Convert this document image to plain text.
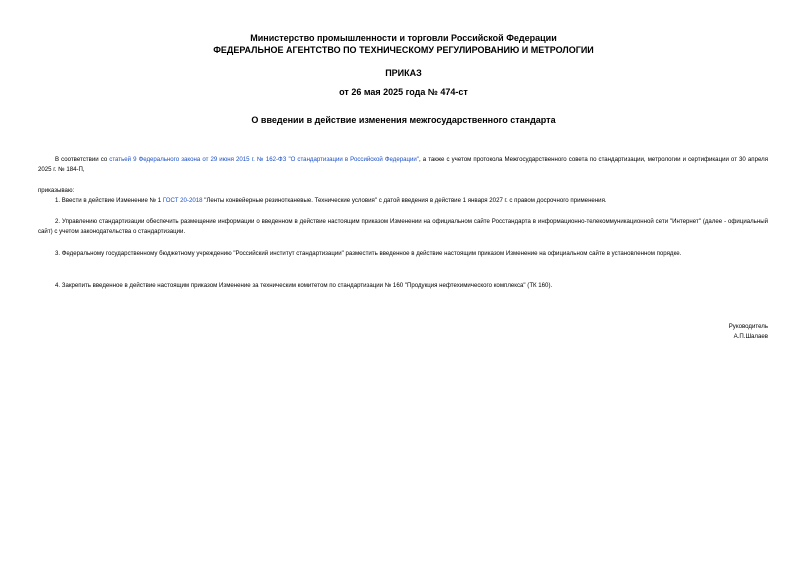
Министерство промышленности и торговли Российской Федерации
ФЕДЕРАЛЬНОЕ АГЕНТСТВО ПО ТЕХНИЧЕСКОМУ РЕГУЛИРОВАНИЮ И МЕТРОЛОГИИ
ПРИКАЗ
от 26 мая 2025 года № 474-ст
О введении в действие изменения межгосударственного стандарта
В соответствии со статьей 9 Федерального закона от 29 июня 2015 г. № 162-ФЗ "О стандартизации в Российской Федерации", а также с учетом протокола Межгосударственного совета по стандартизации, метрологии и сертификации от 30 апреля 2025 г. № 184-П,
приказываю:
1. Ввести в действие Изменение № 1 ГОСТ 20-2018 "Ленты конвейерные резинотканевые. Технические условия" с датой введения в действие 1 января 2027 г. с правом досрочного применения.
2. Управлению стандартизации обеспечить размещение информации о введенном в действие настоящим приказом Изменении на официальном сайте Росстандарта в информационно-телекоммуникационной сети "Интернет" (далее - официальный сайт) с учетом законодательства о стандартизации.
3. Федеральному государственному бюджетному учреждению "Российский институт стандартизации" разместить введенное в действие настоящим приказом Изменение на официальном сайте в установленном порядке.
4. Закрепить введенное в действие настоящим приказом Изменение за техническим комитетом по стандартизации № 160 "Продукция нефтехимического комплекса" (ТК 160).
Руководитель
А.П.Шалаев
